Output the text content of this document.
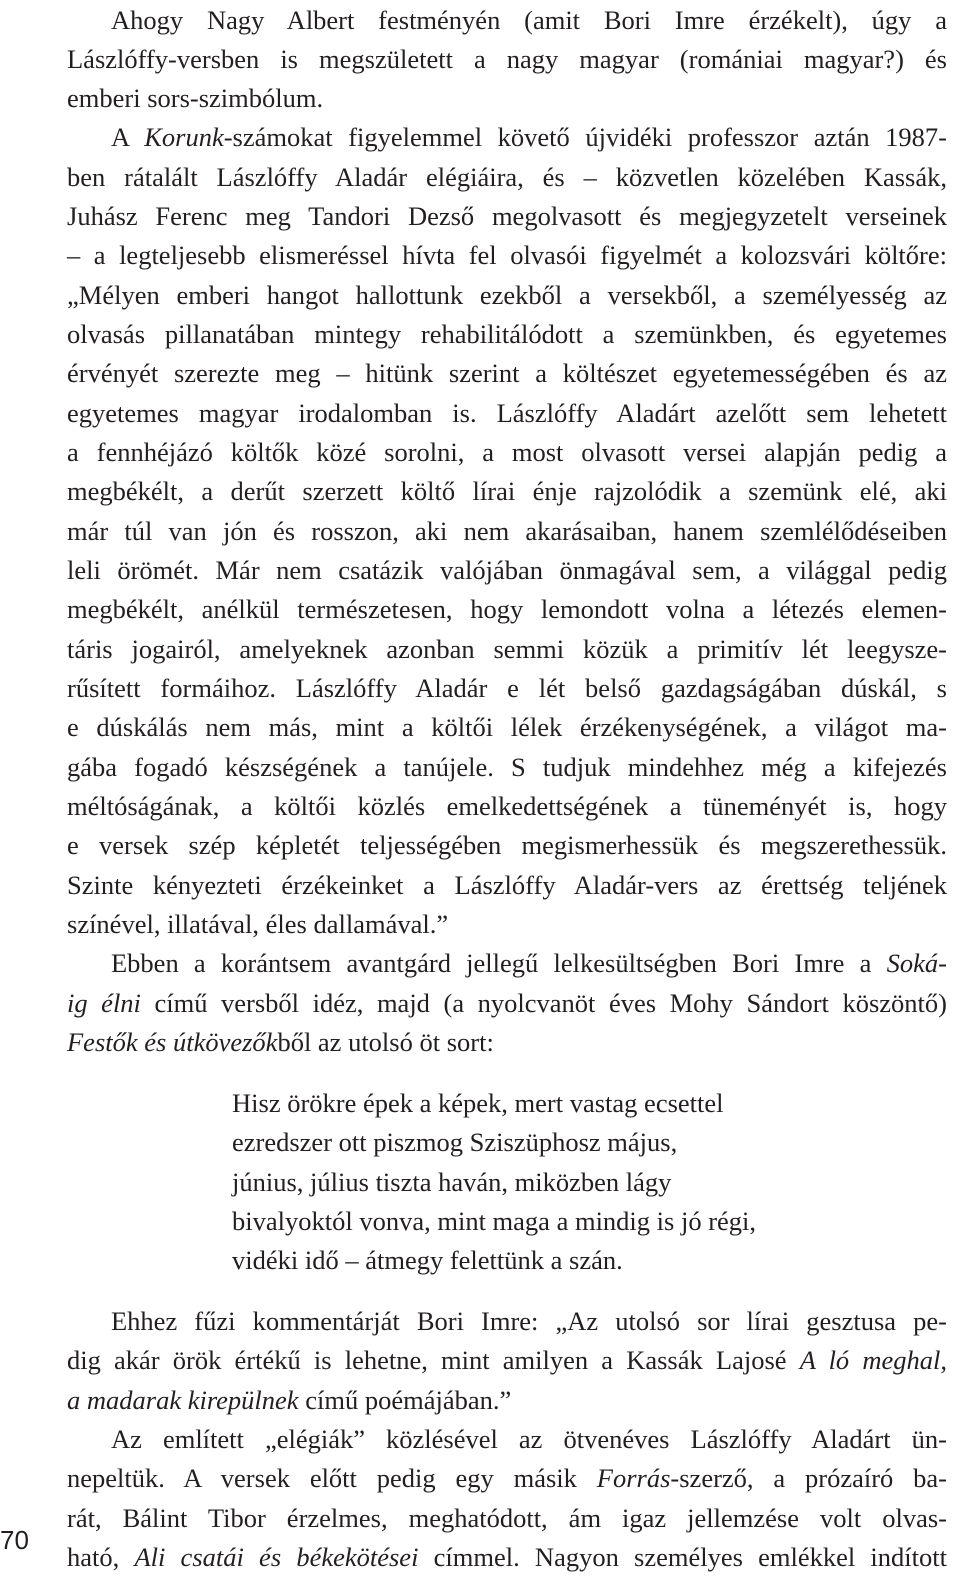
Ahogy Nagy Albert festményén (amit Bori Imre érzékelt), úgy a
Lászlóffy-versben is megszületett a nagy magyar (romániai magyar?) és
emberi sors-szimbólum.
A Korunk-számokat figyelemmel követő újvidéki professzor aztán 1987-
ben rátalált Lászlóffy Aladár elégiáira, és – közvetlen közelében Kassák,
Juhász Ferenc meg Tandori Dezső megolvasott és megjegyzetelt verseinek
– a legteljesebb elismeréssel hívta fel olvasói figyelmét a kolozsvári költőre:
„Mélyen emberi hangot hallottunk ezekből a versekből, a személyesség az
olvasás pillanatában mintegy rehabilitálódott a szemünkben, és egyetemes
érvényét szerezte meg – hitünk szerint a költészet egyetemességében és az
egyetemes magyar irodalomban is. Lászlóffy Aladárt azelőtt sem lehetett
a fennhéjázó költők közé sorolni, a most olvasott versei alapján pedig a
megbékélt, a derűt szerzett költő lírai énje rajzolódik a szemünk elé, aki
már túl van jón és rosszon, aki nem akarásaiban, hanem szemlélődéseiben
leli örömét. Már nem csatázik valójában önmagával sem, a világgal pedig
megbékélt, anélkül természetesen, hogy lemondott volna a létezés elemen-
táris jogairól, amelyeknek azonban semmi közük a primitív lét leegysze-
rűsített formáihoz. Lászlóffy Aladár e lét belső gazdagságában dúskál, s
e dúskálás nem más, mint a költői lélek érzékenységének, a világot ma-
gába fogadó készségének a tanújele. S tudjuk mindehhez még a kifejezés
méltóságának, a költői közlés emelkedettségének a tüneményét is, hogy
e versek szép képletét teljességében megismerhessük és megszerethessük.
Szinte kényezteti érzékeinket a Lászlóffy Aladár-vers az érettség teljének
színével, illatával, éles dallamával.”
Ebben a korántsem avantgárd jellegű lelkesültségben Bori Imre a Soká-
ig élni című versből idéz, majd (a nyolcvanöt éves Mohy Sándort köszöntő)
Festők és útkövezőkből az utolsó öt sort:
Hisz örökre épek a képek, mert vastag ecsettel
ezredszer ott piszmog Sziszüphosz május,
június, július tiszta haván, miközben lágy
bivalyoktól vonva, mint maga a mindig is jó régi,
vidéki idő – átmegy felettünk a szán.
Ehhez fűzi kommentárját Bori Imre: „Az utolsó sor lírai gesztusa pe-
dig akár örök értékű is lehetne, mint amilyen a Kassák Lajosé A ló meghal,
a madarak kirepülnek című poémájában.”
Az említett „elégiák” közlésével az ötvenéves Lászlóffy Aladárt ün-
nepeltük. A versek előtt pedig egy másik Forrás-szerző, a prózaíró ba-
rát, Bálint Tibor érzelmes, meghatódott, ám igaz jellemzése volt olvas-
ható, Ali csatái és békekötései címmel. Nagyon személyes emlékkel indított
70
